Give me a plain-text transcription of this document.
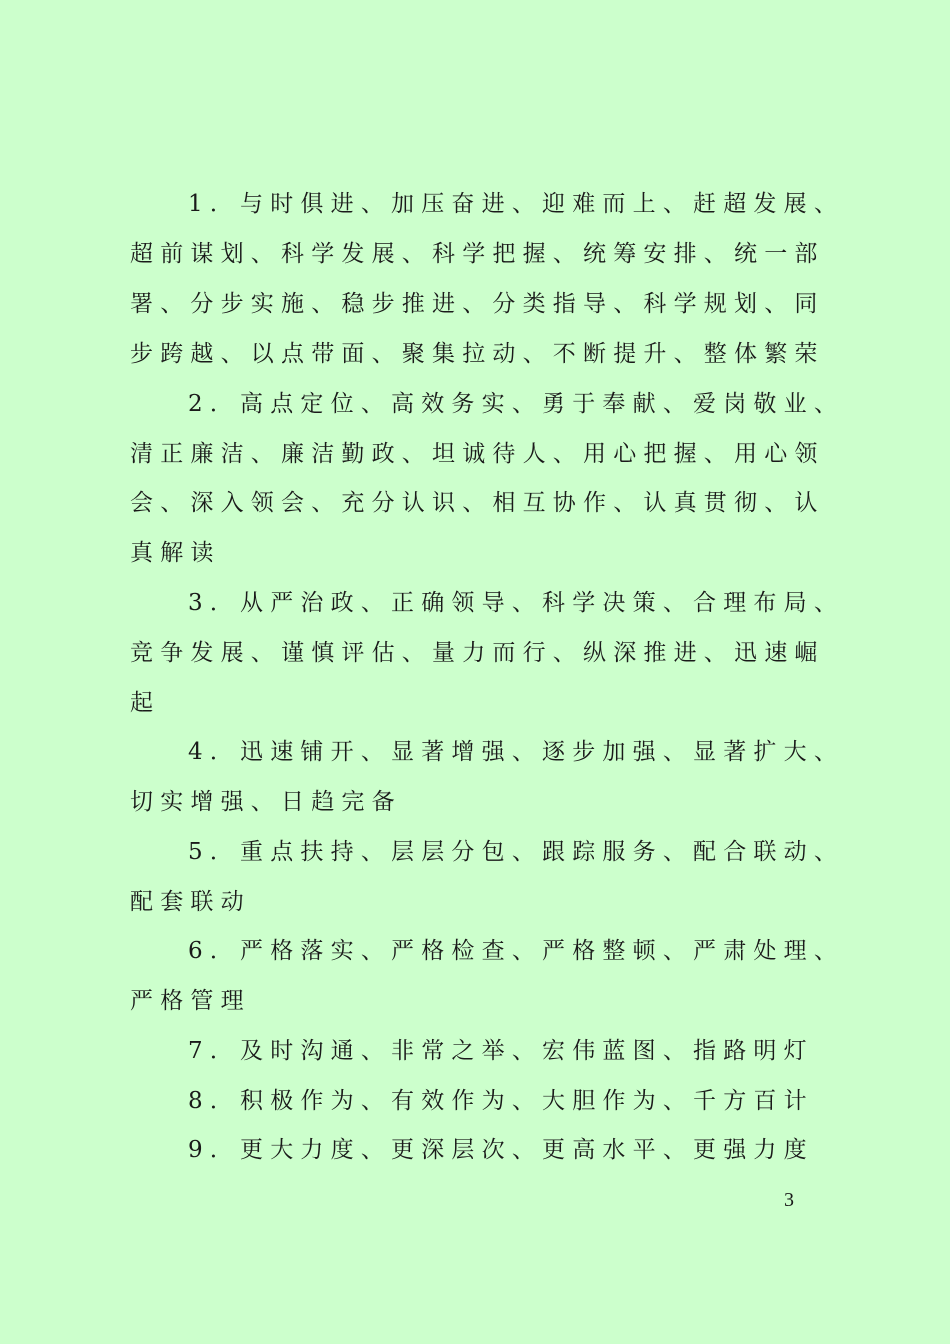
1．与时俱进、加压奋进、迎难而上、赶超发展、
超前谋划、科学发展、科学把握、统筹安排、统一部
署、分步实施、稳步推进、分类指导、科学规划、同
步跨越、以点带面、聚集拉动、不断提升、整体繁荣
2．高点定位、高效务实、勇于奉献、爱岗敬业、
清正廉洁、廉洁勤政、坦诚待人、用心把握、用心领
会、深入领会、充分认识、相互协作、认真贯彻、认
真解读
3．从严治政、正确领导、科学决策、合理布局、
竞争发展、谨慎评估、量力而行、纵深推进、迅速崛
起
4．迅速铺开、显著增强、逐步加强、显著扩大、
切实增强、日趋完备
5．重点扶持、层层分包、跟踪服务、配合联动、
配套联动
6．严格落实、严格检查、严格整顿、严肃处理、
严格管理
7．及时沟通、非常之举、宏伟蓝图、指路明灯
8．积极作为、有效作为、大胆作为、千方百计
9．更大力度、更深层次、更高水平、更强力度
3
